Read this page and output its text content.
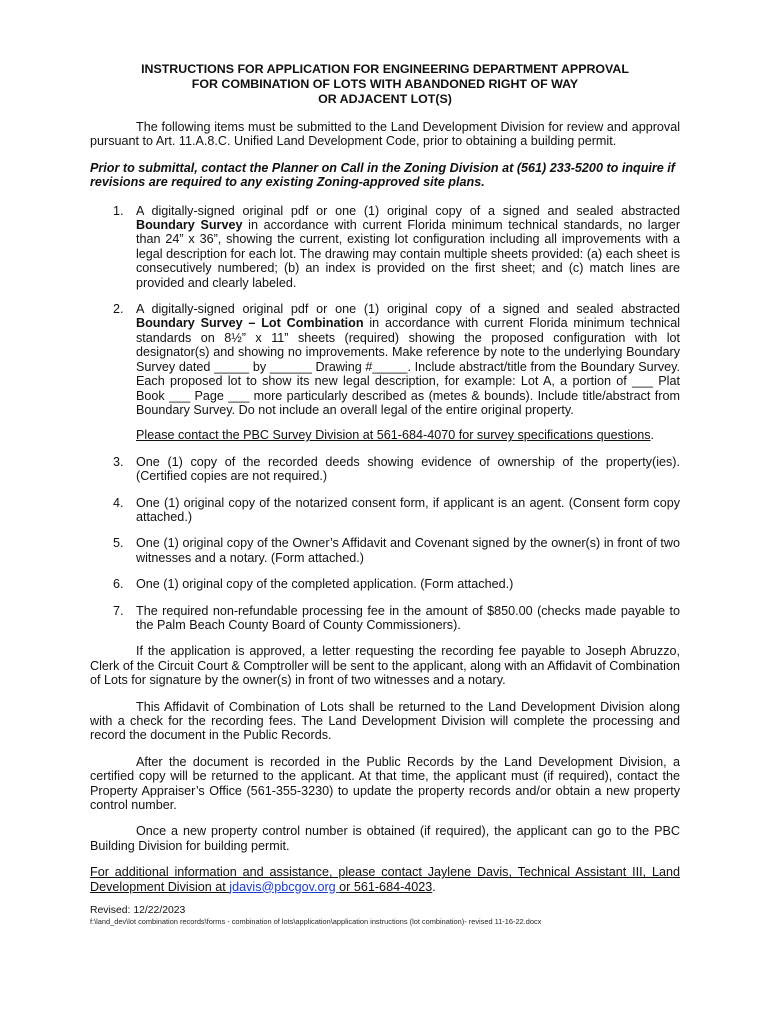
INSTRUCTIONS FOR APPLICATION FOR ENGINEERING DEPARTMENT APPROVAL
FOR COMBINATION OF LOTS WITH ABANDONED RIGHT OF WAY
OR ADJACENT LOT(S)

The following items must be submitted to the Land Development Division for review and approval pursuant to Art. 11.A.8.C. Unified Land Development Code, prior to obtaining a building permit.

Prior to submittal, contact the Planner on Call in the Zoning Division at (561) 233-5200 to inquire if revisions are required to any existing Zoning-approved site plans.

1. A digitally-signed original pdf or one (1) original copy of a signed and sealed abstracted Boundary Survey in accordance with current Florida minimum technical standards, no larger than 24” x 36”, showing the current, existing lot configuration including all improvements with a legal description for each lot. The drawing may contain multiple sheets provided: (a) each sheet is consecutively numbered; (b) an index is provided on the first sheet; and (c) match lines are provided and clearly labeled.

2. A digitally-signed original pdf or one (1) original copy of a signed and sealed abstracted Boundary Survey – Lot Combination in accordance with current Florida minimum technical standards on 8½” x 11” sheets (required) showing the proposed configuration with lot designator(s) and showing no improvements. Make reference by note to the underlying Boundary Survey dated _____ by ______ Drawing #_____. Include abstract/title from the Boundary Survey. Each proposed lot to show its new legal description, for example: Lot A, a portion of ___ Plat Book ___ Page ___ more particularly described as (metes & bounds). Include title/abstract from Boundary Survey. Do not include an overall legal of the entire original property.

Please contact the PBC Survey Division at 561-684-4070 for survey specifications questions.

3. One (1) copy of the recorded deeds showing evidence of ownership of the property(ies). (Certified copies are not required.)

4. One (1) original copy of the notarized consent form, if applicant is an agent. (Consent form copy attached.)

5. One (1) original copy of the Owner’s Affidavit and Covenant signed by the owner(s) in front of two witnesses and a notary. (Form attached.)

6. One (1) original copy of the completed application. (Form attached.)

7. The required non-refundable processing fee in the amount of $850.00 (checks made payable to the Palm Beach County Board of County Commissioners).

If the application is approved, a letter requesting the recording fee payable to Joseph Abruzzo, Clerk of the Circuit Court & Comptroller will be sent to the applicant, along with an Affidavit of Combination of Lots for signature by the owner(s) in front of two witnesses and a notary.

This Affidavit of Combination of Lots shall be returned to the Land Development Division along with a check for the recording fees. The Land Development Division will complete the processing and record the document in the Public Records.

After the document is recorded in the Public Records by the Land Development Division, a certified copy will be returned to the applicant. At that time, the applicant must (if required), contact the Property Appraiser’s Office (561-355-3230) to update the property records and/or obtain a new property control number.

Once a new property control number is obtained (if required), the applicant can go to the PBC Building Division for building permit.

For additional information and assistance, please contact Jaylene Davis, Technical Assistant III, Land Development Division at jdavis@pbcgov.org or 561-684-4023.

Revised: 12/22/2023
f:\land_dev\lot combination records\forms - combination of lots\application\application instructions (lot combination)- revised 11-16-22.docx
